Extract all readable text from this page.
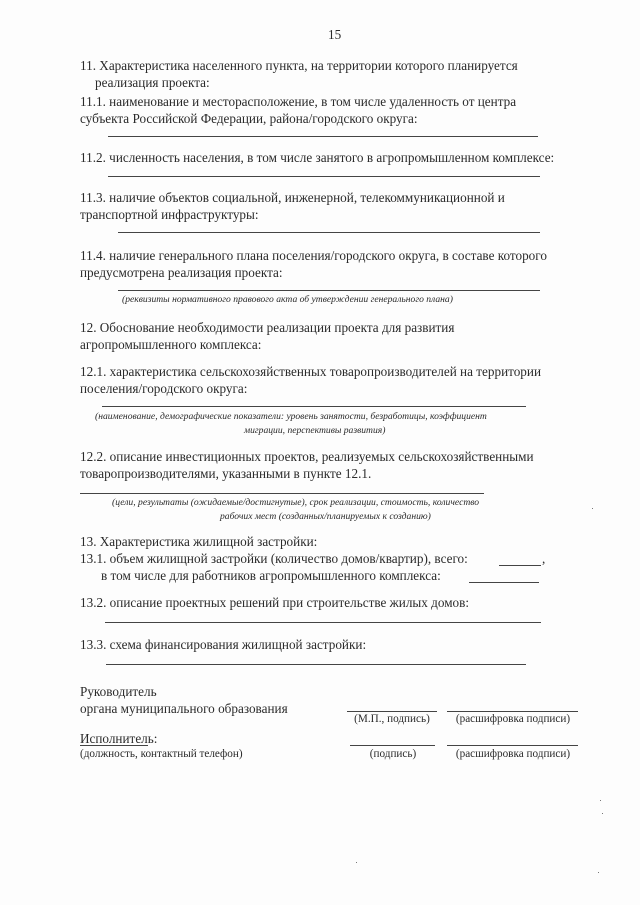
15
11. Характеристика населенного пункта, на территории которого планируется
реализация проекта:
11.1. наименование и месторасположение, в том числе удаленность от центра
субъекта Российской Федерации, района/городского округа:
11.2. численность населения, в том числе занятого в агропромышленном комплексе:
11.3. наличие объектов социальной, инженерной, телекоммуникационной и
транспортной инфраструктуры:
11.4. наличие генерального плана поселения/городского округа, в составе которого
предусмотрена реализация проекта:
(реквизиты нормативного правового акта об утверждении генерального плана)
12. Обоснование необходимости реализации проекта для развития
агропромышленного комплекса:
12.1. характеристика сельскохозяйственных товаропроизводителей на территории
поселения/городского округа:
(наименование, демографические показатели: уровень занятости, безработицы, коэффициент
миграции, перспективы развития)
12.2. описание инвестиционных проектов, реализуемых сельскохозяйственными
товаропроизводителями, указанными в пункте 12.1.
(цели, результаты (ожидаемые/достигнутые), срок реализации, стоимость, количество
рабочих мест (созданных/планируемых к созданию)
13. Характеристика жилищной застройки:
13.1. объем жилищной застройки (количество домов/квартир), всего:	,
в том числе для работников агропромышленного комплекса:
13.2. описание проектных решений при строительстве жилых домов:
13.3. схема финансирования жилищной застройки:
Руководитель
органа муниципального образования
(М.П., подпись)	(расшифровка подписи)
Исполнитель:
(должность, контактный телефон)	(подпись)	(расшифровка подписи)
